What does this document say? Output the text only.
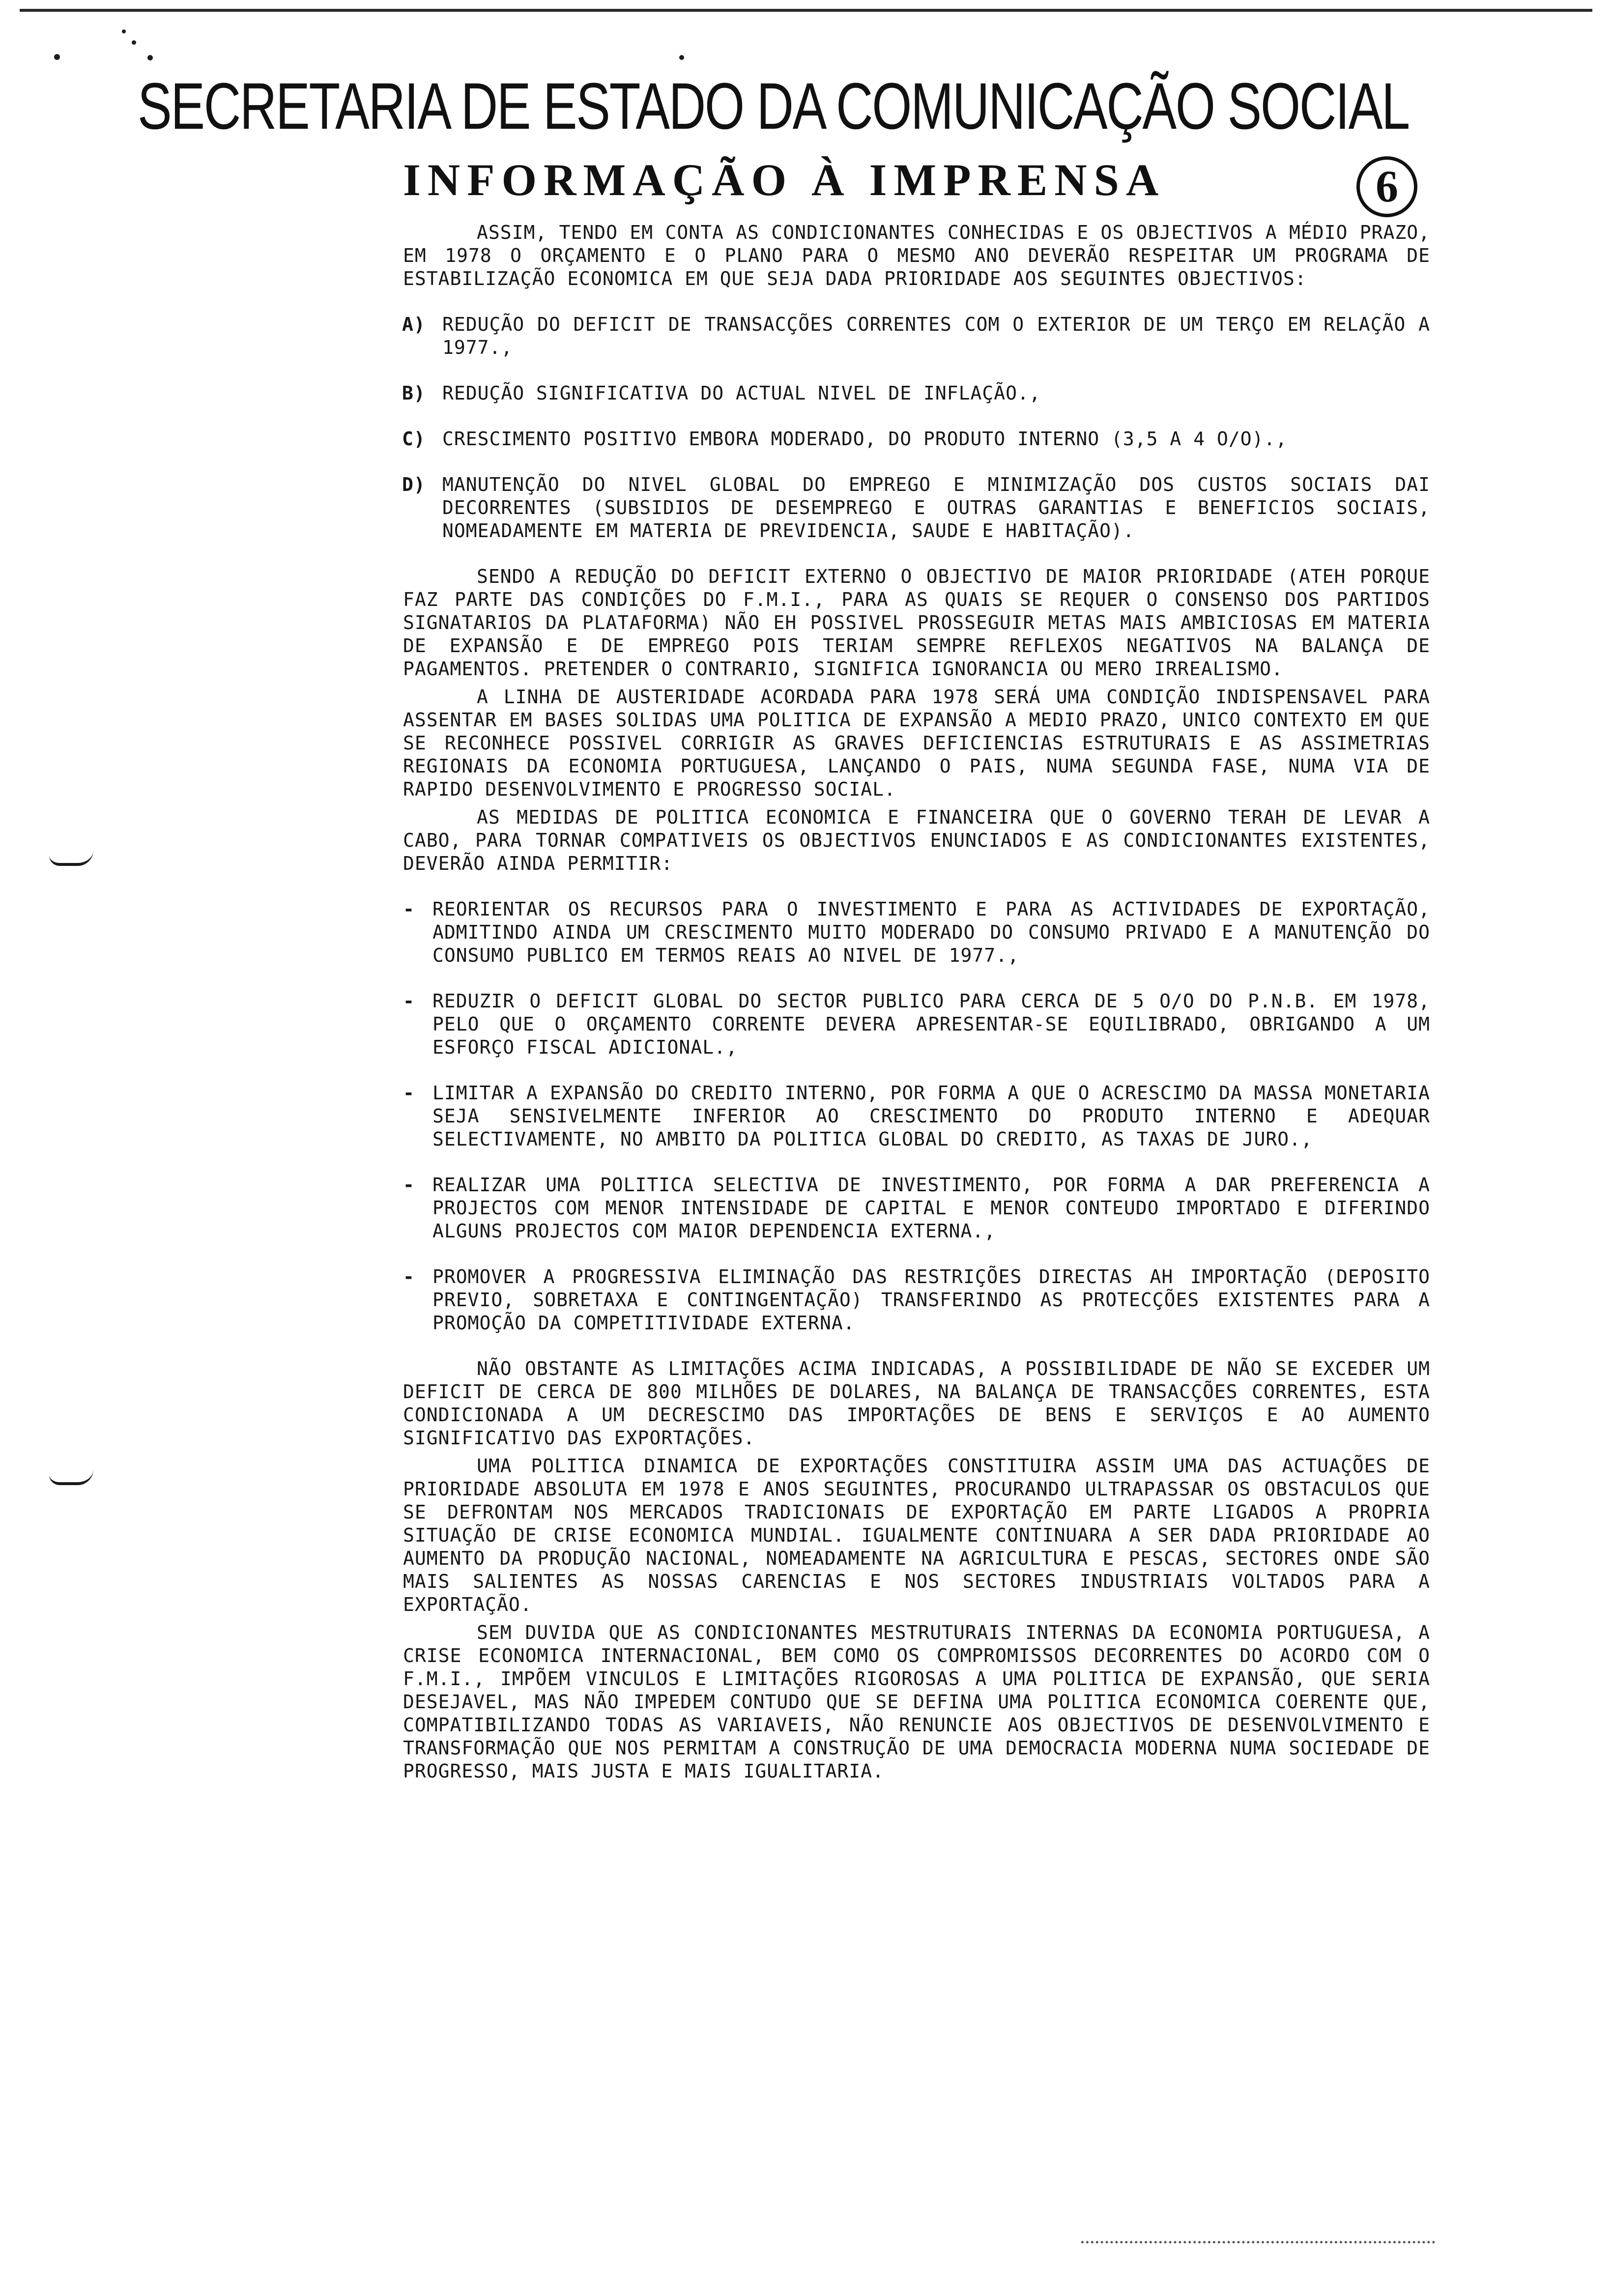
SECRETARIA DE ESTADO DA COMUNICAÇÃO SOCIAL
INFORMAÇÃO À IMPRENSA	6

ASSIM, TENDO EM CONTA AS CONDICIONANTES CONHECIDAS E OS OBJECTIVOS A MÉDIO PRAZO, EM 1978 O ORÇAMENTO E O PLANO PARA O MESMO ANO DEVERÃO RESPEITAR UM PROGRAMA DE ESTABILIZAÇÃO ECONOMICA EM QUE SEJA DADA PRIORIDADE AOS SEGUINTES OBJECTIVOS:

A) REDUÇÃO DO DEFICIT DE TRANSACÇÕES CORRENTES COM O EXTERIOR DE UM TERÇO EM RELAÇÃO A 1977.,
B) REDUÇÃO SIGNIFICATIVA DO ACTUAL NIVEL DE INFLAÇÃO.,
C) CRESCIMENTO POSITIVO EMBORA MODERADO, DO PRODUTO INTERNO (3,5 A 4 O/O).,
D) MANUTENÇÃO DO NIVEL GLOBAL DO EMPREGO E MINIMIZAÇÃO DOS CUSTOS SOCIAIS DAI DECORRENTES (SUBSIDIOS DE DESEMPREGO E OUTRAS GARANTIAS E BENEFICIOS SOCIAIS, NOMEADAMENTE EM MATERIA DE PREVIDENCIA, SAUDE E HABITAÇÃO).

SENDO A REDUÇÃO DO DEFICIT EXTERNO O OBJECTIVO DE MAIOR PRIORIDADE (ATEH PORQUE FAZ PARTE DAS CONDIÇÕES DO F.M.I., PARA AS QUAIS SE REQUER O CONSENSO DOS PARTIDOS SIGNATARIOS DA PLATAFORMA) NÃO EH POSSIVEL PROSSEGUIR METAS MAIS AMBICIOSAS EM MATERIA DE EXPANSÃO E DE EMPREGO POIS TERIAM SEMPRE REFLEXOS NEGATIVOS NA BALANÇA DE PAGAMENTOS. PRETENDER O CONTRARIO, SIGNIFICA IGNORANCIA OU MERO IRREALISMO.

A LINHA DE AUSTERIDADE ACORDADA PARA 1978 SERÁ UMA CONDIÇÃO INDISPENSAVEL PARA ASSENTAR EM BASES SOLIDAS UMA POLITICA DE EXPANSÃO A MEDIO PRAZO, UNICO CONTEXTO EM QUE SE RECONHECE POSSIVEL CORRIGIR AS GRAVES DEFICIENCIAS ESTRUTURAIS E AS ASSIMETRIAS REGIONAIS DA ECONOMIA PORTUGUESA, LANÇANDO O PAIS, NUMA SEGUNDA FASE, NUMA VIA DE RAPIDO DESENVOLVIMENTO E PROGRESSO SOCIAL.

AS MEDIDAS DE POLITICA ECONOMICA E FINANCEIRA QUE O GOVERNO TERAH DE LEVAR A CABO, PARA TORNAR COMPATIVEIS OS OBJECTIVOS ENUNCIADOS E AS CONDICIONANTES EXISTENTES, DEVERÃO AINDA PERMITIR:

- REORIENTAR OS RECURSOS PARA O INVESTIMENTO E PARA AS ACTIVIDADES DE EXPORTAÇÃO, ADMITINDO AINDA UM CRESCIMENTO MUITO MODERADO DO CONSUMO PRIVADO E A MANUTENÇÃO DO CONSUMO PUBLICO EM TERMOS REAIS AO NIVEL DE 1977.,
- REDUZIR O DEFICIT GLOBAL DO SECTOR PUBLICO PARA CERCA DE 5 O/O DO P.N.B. EM 1978, PELO QUE O ORÇAMENTO CORRENTE DEVERA APRESENTAR-SE EQUILIBRADO, OBRIGANDO A UM ESFORÇO FISCAL ADICIONAL.,
- LIMITAR A EXPANSÃO DO CREDITO INTERNO, POR FORMA A QUE O ACRESCIMO DA MASSA MONETARIA SEJA SENSIVELMENTE INFERIOR AO CRESCIMENTO DO PRODUTO INTERNO E ADEQUAR SELECTIVAMENTE, NO AMBITO DA POLITICA GLOBAL DO CREDITO, AS TAXAS DE JURO.,
- REALIZAR UMA POLITICA SELECTIVA DE INVESTIMENTO, POR FORMA A DAR PREFERENCIA A PROJECTOS COM MENOR INTENSIDADE DE CAPITAL E MENOR CONTEUDO IMPORTADO E DIFERINDO ALGUNS PROJECTOS COM MAIOR DEPENDENCIA EXTERNA.,
- PROMOVER A PROGRESSIVA ELIMINAÇÃO DAS RESTRIÇÕES DIRECTAS AH IMPORTAÇÃO (DEPOSITO PREVIO, SOBRETAXA E CONTINGENTAÇÃO) TRANSFERINDO AS PROTECÇÕES EXISTENTES PARA A PROMOÇÃO DA COMPETITIVIDADE EXTERNA.

NÃO OBSTANTE AS LIMITAÇÕES ACIMA INDICADAS, A POSSIBILIDADE DE NÃO SE EXCEDER UM DEFICIT DE CERCA DE 800 MILHÕES DE DOLARES, NA BALANÇA DE TRANSACÇÕES CORRENTES, ESTA CONDICIONADA A UM DECRESCIMO DAS IMPORTAÇÕES DE BENS E SERVIÇOS E AO AUMENTO SIGNIFICATIVO DAS EXPORTAÇÕES.

UMA POLITICA DINAMICA DE EXPORTAÇÕES CONSTITUIRA ASSIM UMA DAS ACTUAÇÕES DE PRIORIDADE ABSOLUTA EM 1978 E ANOS SEGUINTES, PROCURANDO ULTRAPASSAR OS OBSTACULOS QUE SE DEFRONTAM NOS MERCADOS TRADICIONAIS DE EXPORTAÇÃO EM PARTE LIGADOS A PROPRIA SITUAÇÃO DE CRISE ECONOMICA MUNDIAL. IGUALMENTE CONTINUARA A SER DADA PRIORIDADE AO AUMENTO DA PRODUÇÃO NACIONAL, NOMEADAMENTE NA AGRICULTURA E PESCAS, SECTORES ONDE SÃO MAIS SALIENTES AS NOSSAS CARENCIAS E NOS SECTORES INDUSTRIAIS VOLTADOS PARA A EXPORTAÇÃO.

SEM DUVIDA QUE AS CONDICIONANTES MESTRUTURAIS INTERNAS DA ECONOMIA PORTUGUESA, A CRISE ECONOMICA INTERNACIONAL, BEM COMO OS COMPROMISSOS DECORRENTES DO ACORDO COM O F.M.I., IMPÕEM VINCULOS E LIMITAÇÕES RIGOROSAS A UMA POLITICA DE EXPANSÃO, QUE SERIA DESEJAVEL, MAS NÃO IMPEDEM CONTUDO QUE SE DEFINA UMA POLITICA ECONOMICA COERENTE QUE, COMPATIBILIZANDO TODAS AS VARIAVEIS, NÃO RENUNCIE AOS OBJECTIVOS DE DESENVOLVIMENTO E TRANSFORMAÇÃO QUE NOS PERMITAM A CONSTRUÇÃO DE UMA DEMOCRACIA MODERNA NUMA SOCIEDADE DE PROGRESSO, MAIS JUSTA E MAIS IGUALITARIA.
